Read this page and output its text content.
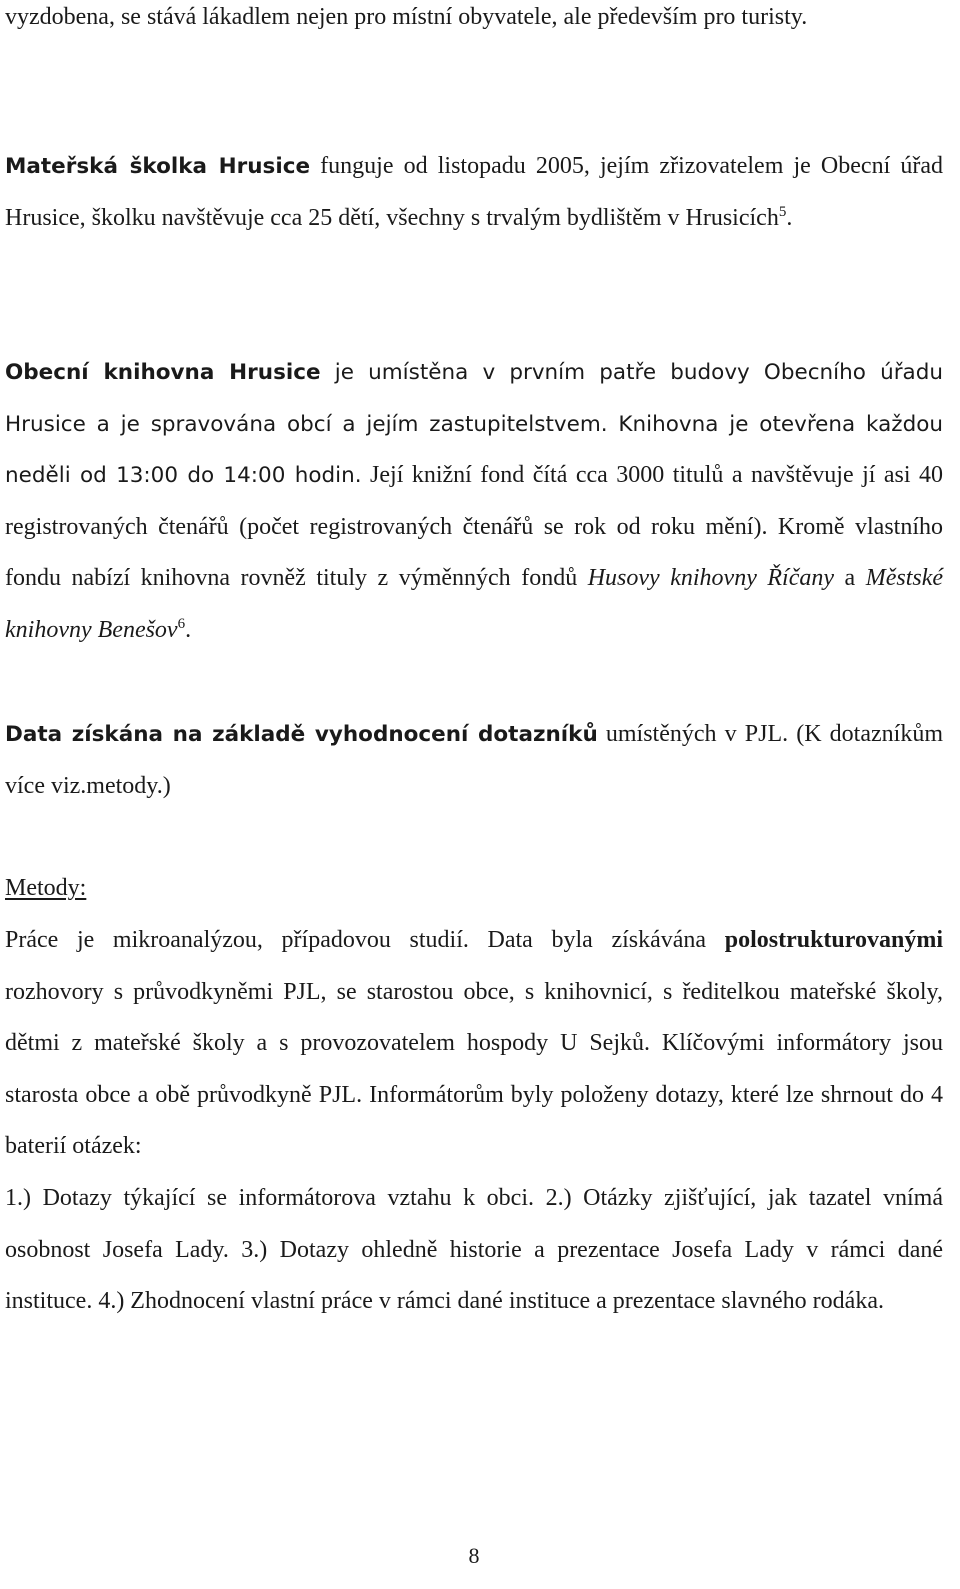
vyzdobena, se stává lákadlem nejen pro místní obyvatele, ale především pro turisty.

Mateřská školka Hrusice funguje od listopadu 2005, jejím zřizovatelem je Obecní úřad Hrusice, školku navštěvuje cca 25 dětí, všechny s trvalým bydlištěm v Hrusicích$^5$.

Obecní knihovna Hrusice je umístěna v prvním patře budovy Obecního úřadu Hrusice a je spravována obcí a jejím zastupitelstvem. Knihovna je otevřena každou neděli od 13:00 do 14:00 hodin. Její knižní fond čítá cca 3000 titulů a navštěvuje jí asi 40 registrovaných čtenářů (počet registrovaných čtenářů se rok od roku mění). Kromě vlastního fondu nabízí knihovna rovněž tituly z výměnných fondů Husovy knihovny Říčany a Městské knihovny Benešov$^6$.

Data získána na základě vyhodnocení dotazníků umístěných v PJL. (K dotazníkům více viz.metody.)

Metody:

Práce je mikroanalýzou, případovou studií. Data byla získávána polostrukturovanými rozhovory s průvodkyněmi PJL, se starostou obce, s knihovnicí, s ředitelkou mateřské školy, dětmi z mateřské školy a s provozovatelem hospody U Sejků. Klíčovými informátory jsou starosta obce a obě průvodkyně PJL. Informátorům byly položeny dotazy, které lze shrnout do 4 baterií otázek:

1.) Dotazy týkající se informátorova vztahu k obci. 2.) Otázky zjišťující, jak tazatel vnímá osobnost Josefa Lady. 3.) Dotazy ohledně historie a prezentace Josefa Lady v rámci dané instituce. 4.) Zhodnocení vlastní práce v rámci dané instituce a prezentace slavného rodáka.

8
